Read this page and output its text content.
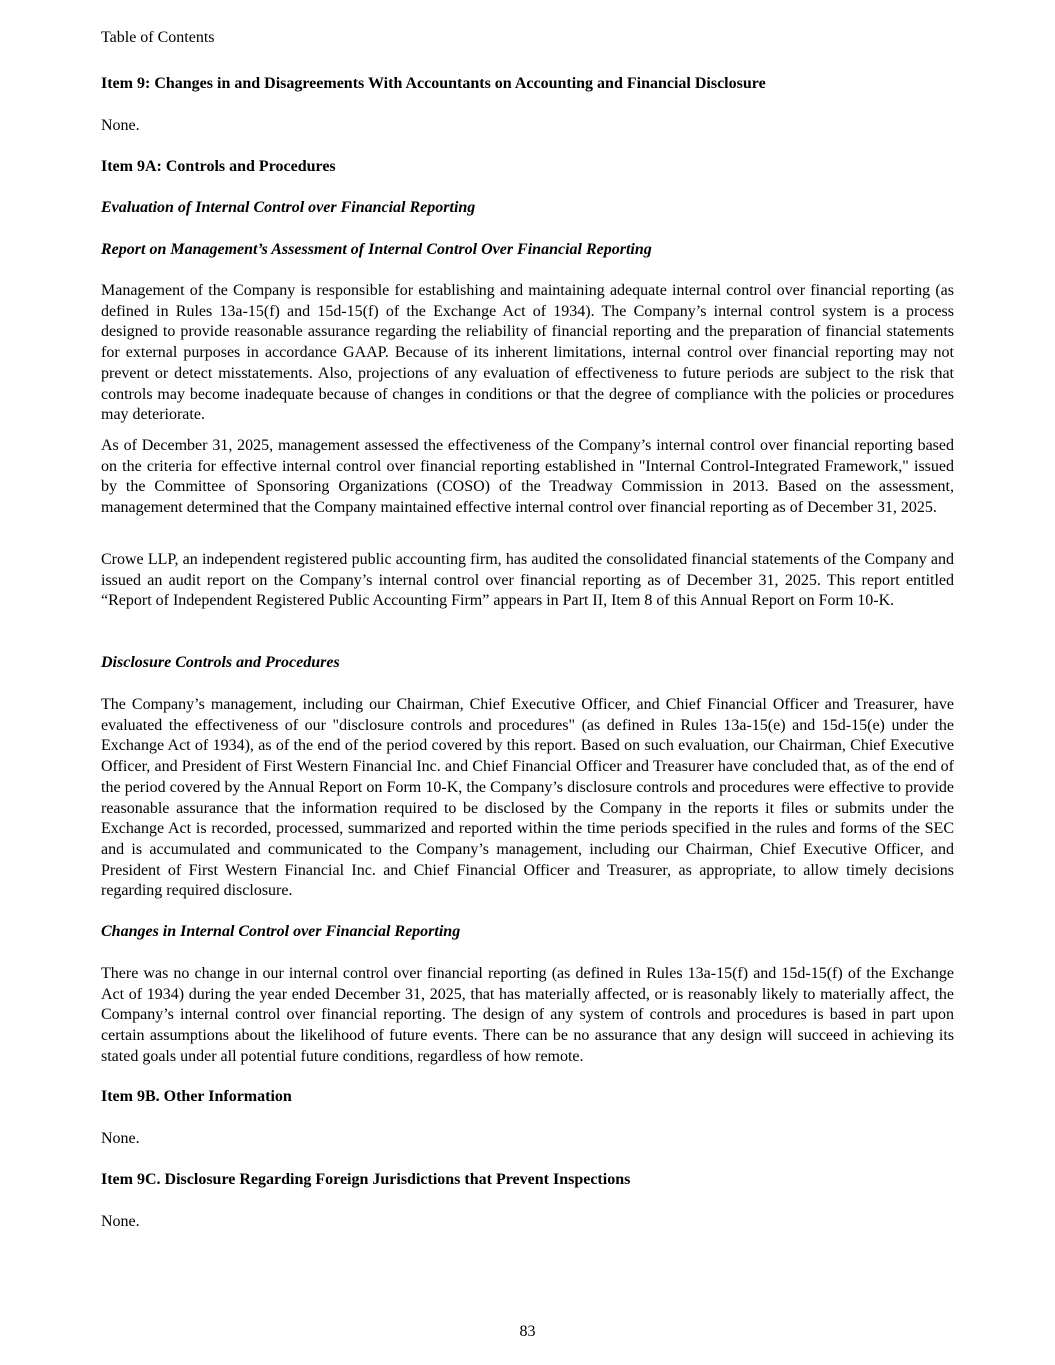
Table of Contents
Item 9: Changes in and Disagreements With Accountants on Accounting and Financial Disclosure
None.
Item 9A: Controls and Procedures
Evaluation of Internal Control over Financial Reporting
Report on Management’s Assessment of Internal Control Over Financial Reporting

Management of the Company is responsible for establishing and maintaining adequate internal control over financial reporting (as defined in Rules 13a-15(f) and 15d-15(f) of the Exchange Act of 1934). The Company’s internal control system is a process designed to provide reasonable assurance regarding the reliability of financial reporting and the preparation of financial statements for external purposes in accordance GAAP. Because of its inherent limitations, internal control over financial reporting may not prevent or detect misstatements. Also, projections of any evaluation of effectiveness to future periods are subject to the risk that controls may become inadequate because of changes in conditions or that the degree of compliance with the policies or procedures may deteriorate.

As of December 31, 2025, management assessed the effectiveness of the Company’s internal control over financial reporting based on the criteria for effective internal control over financial reporting established in "Internal Control-Integrated Framework," issued by the Committee of Sponsoring Organizations (COSO) of the Treadway Commission in 2013. Based on the assessment, management determined that the Company maintained effective internal control over financial reporting as of December 31, 2025.

Crowe LLP, an independent registered public accounting firm, has audited the consolidated financial statements of the Company and issued an audit report on the Company’s internal control over financial reporting as of December 31, 2025. This report entitled “Report of Independent Registered Public Accounting Firm” appears in Part II, Item 8 of this Annual Report on Form 10-K.

Disclosure Controls and Procedures

The Company’s management, including our Chairman, Chief Executive Officer, and Chief Financial Officer and Treasurer, have evaluated the effectiveness of our "disclosure controls and procedures" (as defined in Rules 13a-15(e) and 15d-15(e) under the Exchange Act of 1934), as of the end of the period covered by this report. Based on such evaluation, our Chairman, Chief Executive Officer, and President of First Western Financial Inc. and Chief Financial Officer and Treasurer have concluded that, as of the end of the period covered by the Annual Report on Form 10-K, the Company’s disclosure controls and procedures were effective to provide reasonable assurance that the information required to be disclosed by the Company in the reports it files or submits under the Exchange Act is recorded, processed, summarized and reported within the time periods specified in the rules and forms of the SEC and is accumulated and communicated to the Company’s management, including our Chairman, Chief Executive Officer, and President of First Western Financial Inc. and Chief Financial Officer and Treasurer, as appropriate, to allow timely decisions regarding required disclosure.

Changes in Internal Control over Financial Reporting

There was no change in our internal control over financial reporting (as defined in Rules 13a-15(f) and 15d-15(f) of the Exchange Act of 1934) during the year ended December 31, 2025, that has materially affected, or is reasonably likely to materially affect, the Company’s internal control over financial reporting. The design of any system of controls and procedures is based in part upon certain assumptions about the likelihood of future events. There can be no assurance that any design will succeed in achieving its stated goals under all potential future conditions, regardless of how remote.

Item 9B. Other Information
None.
Item 9C. Disclosure Regarding Foreign Jurisdictions that Prevent Inspections
None.
83
